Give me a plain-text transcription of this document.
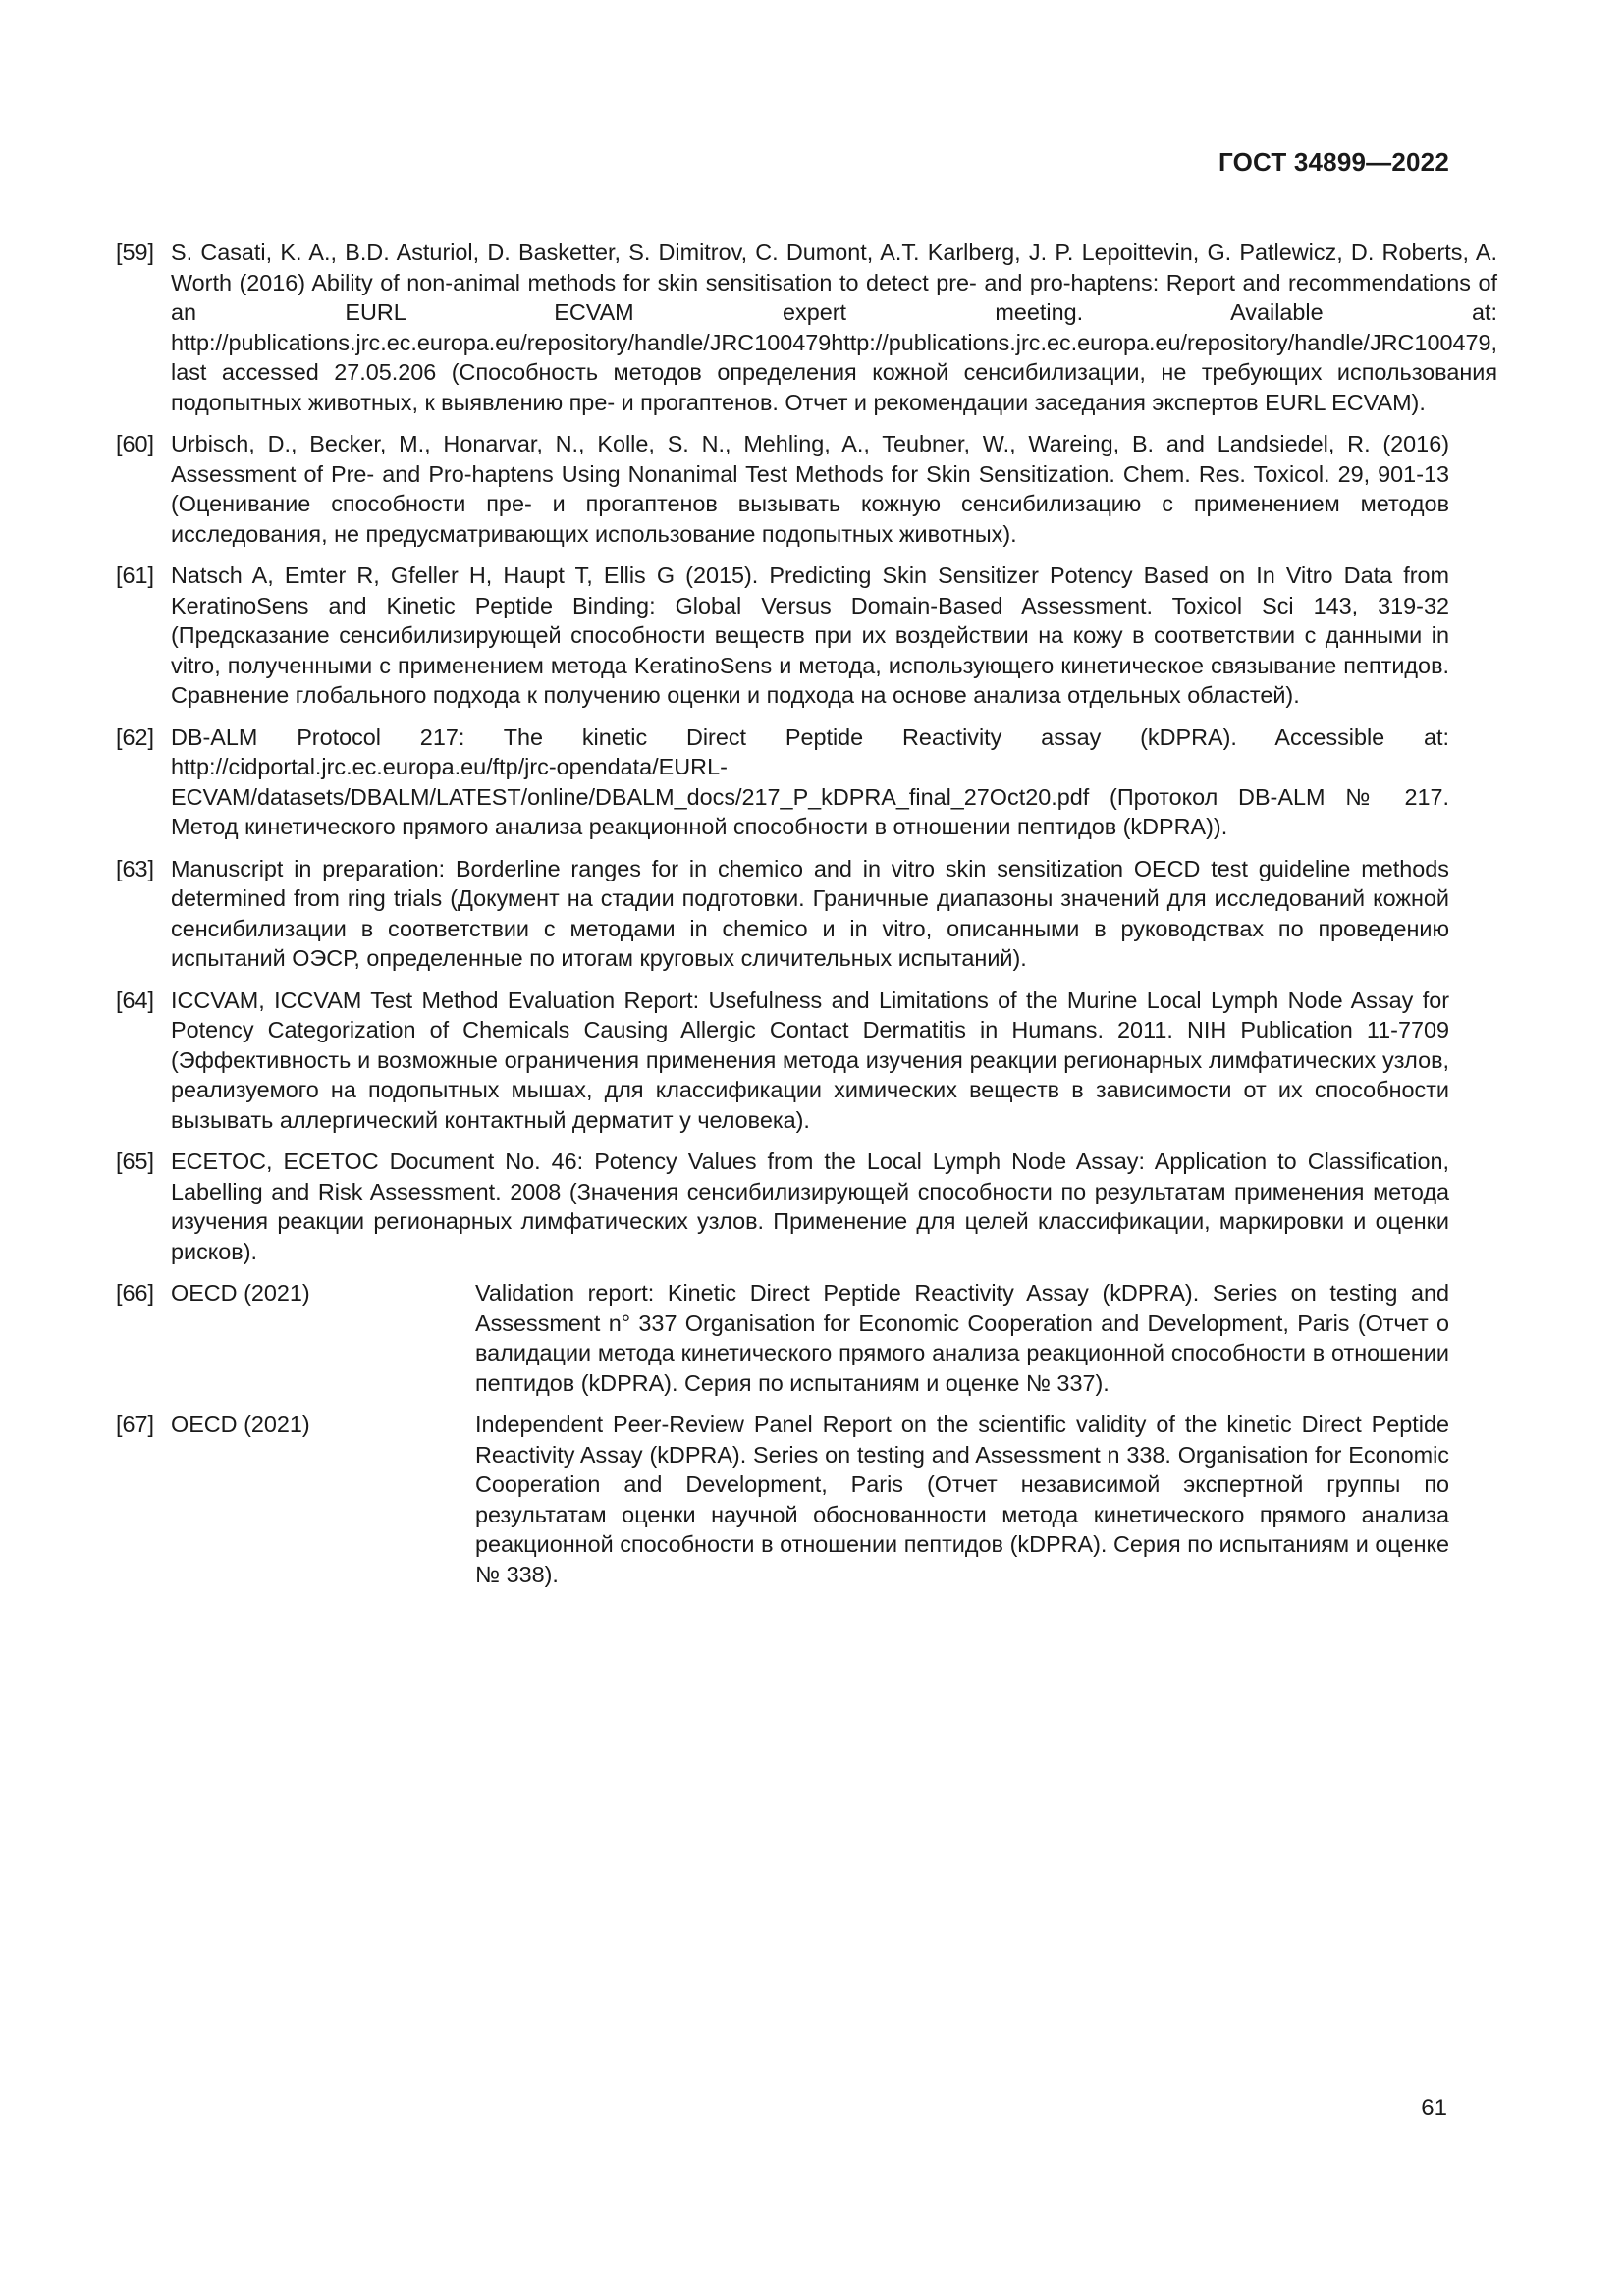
ГОСТ 34899—2022
[59] S. Casati, K. A., B.D. Asturiol, D. Basketter, S. Dimitrov, C. Dumont, A.T. Karlberg, J. P. Lepoittevin, G. Patlewicz, D. Roberts, A. Worth (2016) Ability of non-animal methods for skin sensitisation to detect pre- and pro-haptens: Report and recommendations of an EURL ECVAM expert meeting. Available at: http://publications.jrc.ec.europa.eu/repository/handle/JRC100479http://publications.jrc.ec.europa.eu/repository/handle/JRC100479, last accessed 27.05.206 (Способность методов определения кожной сенсибилизации, не требующих использования подопытных животных, к выявлению пре- и прогаптенов. Отчет и рекомендации заседания экспертов EURL ECVAM).
[60] Urbisch, D., Becker, M., Honarvar, N., Kolle, S. N., Mehling, A., Teubner, W., Wareing, B. and Landsiedel, R. (2016) Assessment of Pre- and Pro-haptens Using Nonanimal Test Methods for Skin Sensitization. Chem. Res. Toxicol. 29, 901-13 (Оценивание способности пре- и прогаптенов вызывать кожную сенсибилизацию с применением методов исследования, не предусматривающих использование подопытных животных).
[61] Natsch A, Emter R, Gfeller H, Haupt T, Ellis G (2015). Predicting Skin Sensitizer Potency Based on In Vitro Data from KeratinoSens and Kinetic Peptide Binding: Global Versus Domain-Based Assessment. Toxicol Sci 143, 319-32 (Предсказание сенсибилизирующей способности веществ при их воздействии на кожу в соответствии с данными in vitro, полученными с применением метода KeratinoSens и метода, использующего кинетическое связывание пептидов. Сравнение глобального подхода к получению оценки и подхода на основе анализа отдельных областей).
[62] DB-ALM Protocol 217: The kinetic Direct Peptide Reactivity assay (kDPRA). Accessible at: http://cidportal.jrc.ec.europa.eu/ftp/jrc-opendata/EURL-ECVAM/datasets/DBALM/LATEST/online/DBALM_docs/217_P_kDPRA_final_27Oct20.pdf (Протокол DB-ALM № 217. Метод кинетического прямого анализа реакционной способности в отношении пептидов (kDPRA)).
[63] Manuscript in preparation: Borderline ranges for in chemico and in vitro skin sensitization OECD test guideline methods determined from ring trials (Документ на стадии подготовки. Граничные диапазоны значений для исследований кожной сенсибилизации в соответствии с методами in chemico и in vitro, описанными в руководствах по проведению испытаний ОЭСР, определенные по итогам круговых сличительных испытаний).
[64] ICCVAM, ICCVAM Test Method Evaluation Report: Usefulness and Limitations of the Murine Local Lymph Node Assay for Potency Categorization of Chemicals Causing Allergic Contact Dermatitis in Humans. 2011. NIH Publication 11-7709 (Эффективность и возможные ограничения применения метода изучения реакции регионарных лимфатических узлов, реализуемого на подопытных мышах, для классификации химических веществ в зависимости от их способности вызывать аллергический контактный дерматит у человека).
[65] ECETOC, ECETOC Document No. 46: Potency Values from the Local Lymph Node Assay: Application to Classification, Labelling and Risk Assessment. 2008 (Значения сенсибилизирующей способности по результатам применения метода изучения реакции регионарных лимфатических узлов. Применение для целей классификации, маркировки и оценки рисков).
[66] OECD (2021)	Validation report: Kinetic Direct Peptide Reactivity Assay (kDPRA). Series on testing and Assessment n° 337 Organisation for Economic Cooperation and Development, Paris (Отчет о валидации метода кинетического прямого анализа реакционной способности в отношении пептидов (kDPRA). Серия по испытаниям и оценке № 337).
[67] OECD (2021)	Independent Peer-Review Panel Report on the scientific validity of the kinetic Direct Peptide Reactivity Assay (kDPRA). Series on testing and Assessment n 338. Organisation for Economic Cooperation and Development, Paris (Отчет независимой экспертной группы по результатам оценки научной обоснованности метода кинетического прямого анализа реакционной способности в отношении пептидов (kDPRA). Серия по испытаниям и оценке № 338).
61
